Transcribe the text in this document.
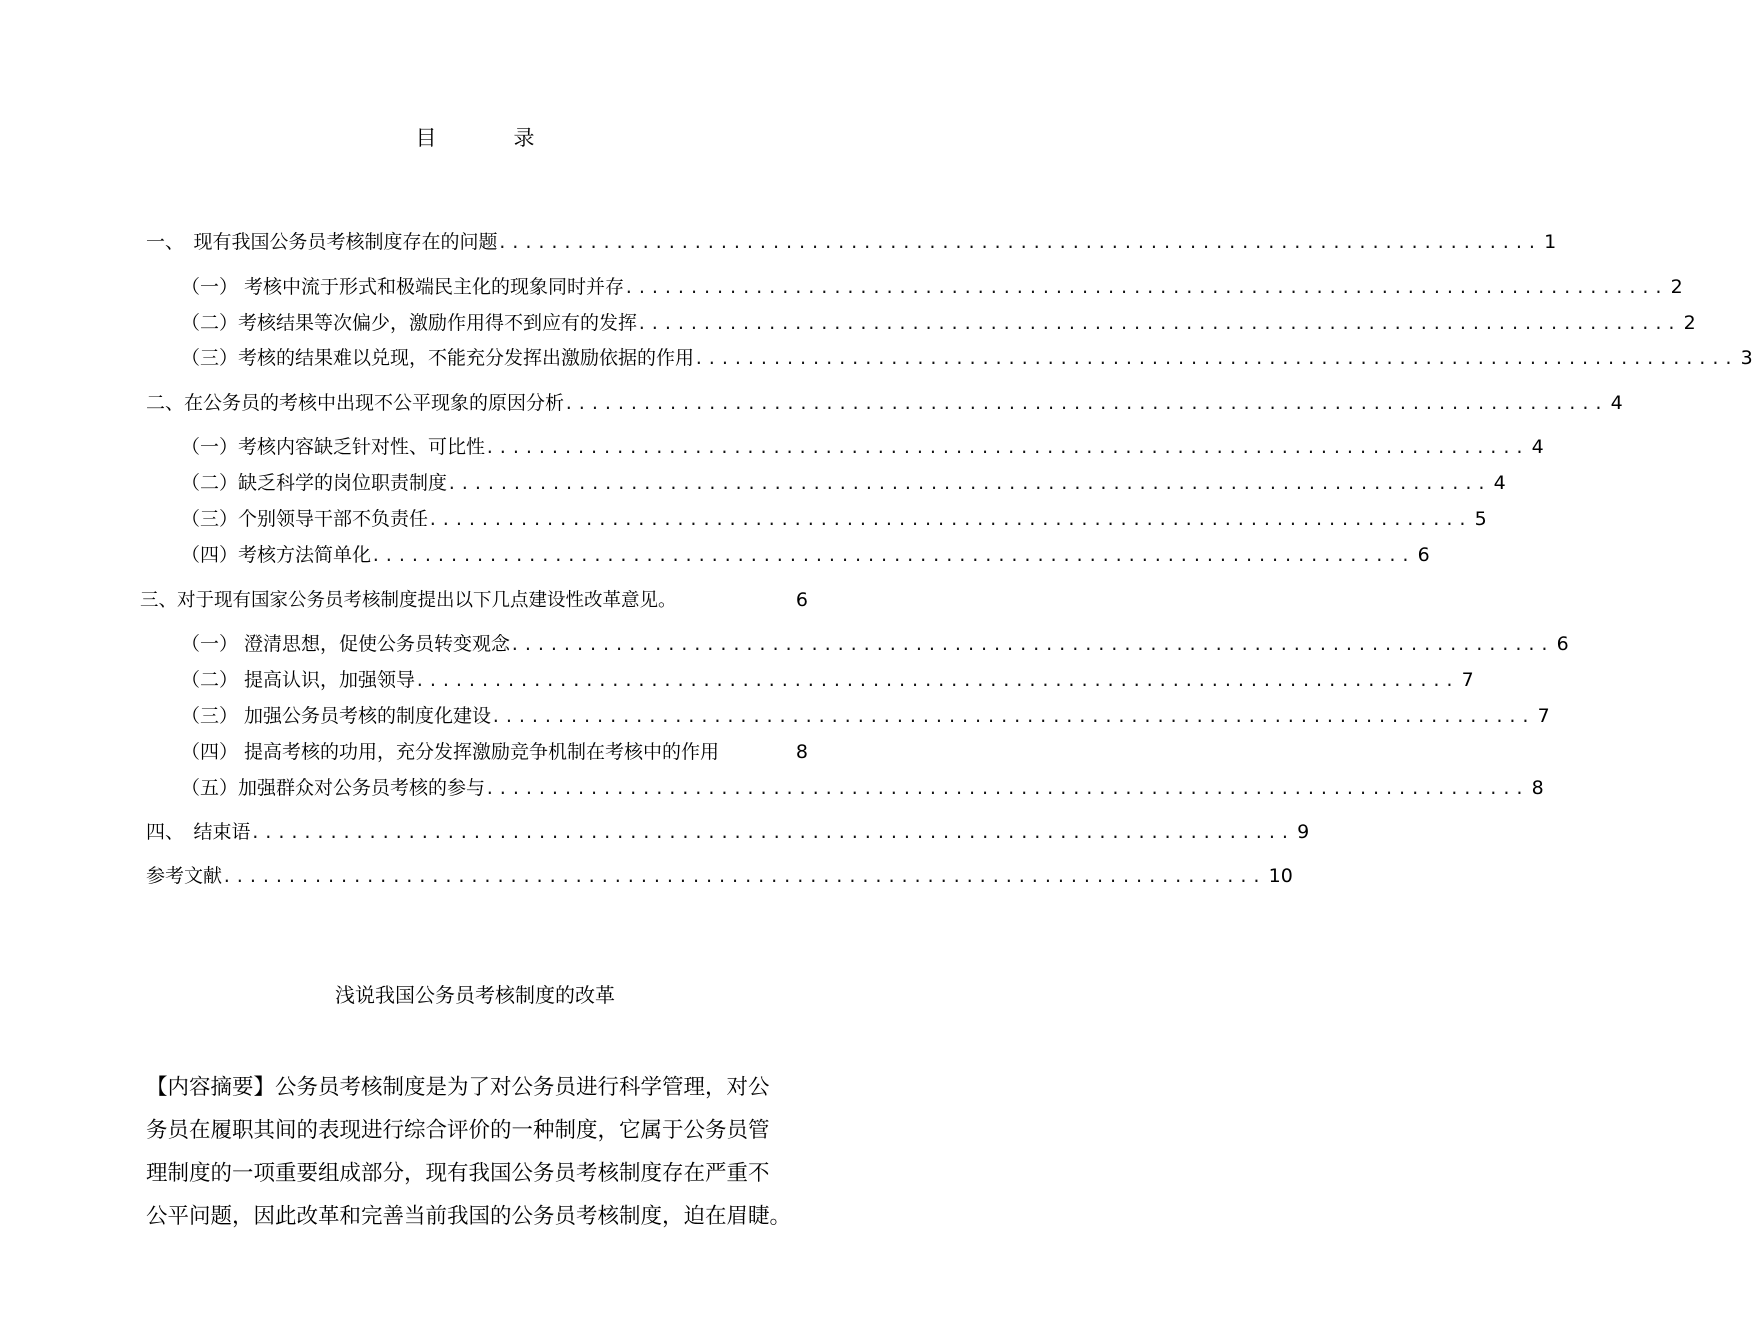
目　录
一、　现有我国公务员考核制度存在的问题 ................................................................................ 1
（一） 考核中流于形式和极端民主化的现象同时并存 ................................................................................ 2
（二）考核结果等次偏少，激励作用得不到应有的发挥 ................................................................................ 2
（三）考核的结果难以兑现，不能充分发挥出激励依据的作用 ................................................................................ 3
二、在公务员的考核中出现不公平现象的原因分析 ................................................................................ 4
（一）考核内容缺乏针对性、可比性 ................................................................................ 4
（二）缺乏科学的岗位职责制度 ................................................................................ 4
（三）个别领导干部不负责任 ................................................................................ 5
（四）考核方法简单化 ................................................................................ 6
三、对于现有国家公务员考核制度提出以下几点建设性改革意见。	6
（一） 澄清思想，促使公务员转变观念 ................................................................................ 6
（二） 提高认识，加强领导 ................................................................................ 7
（三） 加强公务员考核的制度化建设 ................................................................................ 7
（四） 提高考核的功用，充分发挥激励竞争机制在考核中的作用	8
（五）加强群众对公务员考核的参与 ................................................................................ 8
四、　结束语 ................................................................................ 9
参考文献 ................................................................................ 10
浅说我国公务员考核制度的改革
【内容摘要】公务员考核制度是为了对公务员进行科学管理，对公
务员在履职其间的表现进行综合评价的一种制度，它属于公务员管
理制度的一项重要组成部分，现有我国公务员考核制度存在严重不
公平问题，因此改革和完善当前我国的公务员考核制度，迫在眉睫。
